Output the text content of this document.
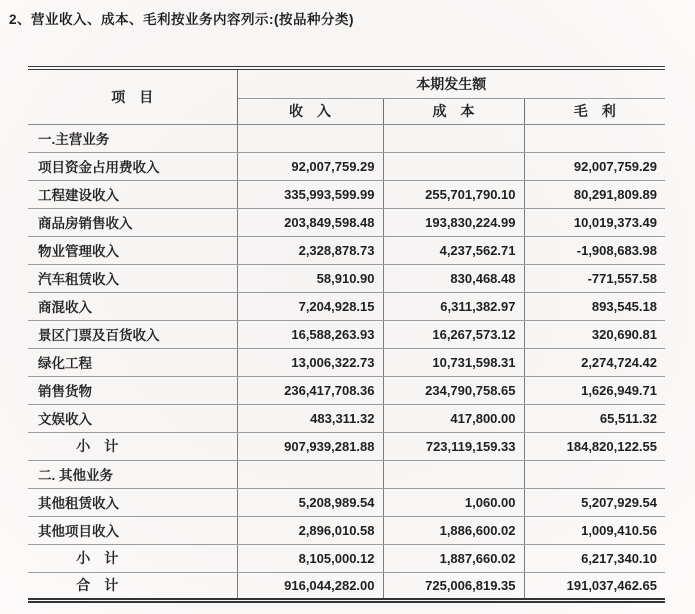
2、营业收入、成本、毛利按业务内容列示:(按品种分类)
项　目	本期发生额		
	收　入	成　本	毛　利
一.主营业务			
项目资金占用费收入	92,007,759.29		92,007,759.29
工程建设收入	335,993,599.99	255,701,790.10	80,291,809.89
商品房销售收入	203,849,598.48	193,830,224.99	10,019,373.49
物业管理收入	2,328,878.73	4,237,562.71	-1,908,683.98
汽车租赁收入	58,910.90	830,468.48	-771,557.58
商混收入	7,204,928.15	6,311,382.97	893,545.18
景区门票及百货收入	16,588,263.93	16,267,573.12	320,690.81
绿化工程	13,006,322.73	10,731,598.31	2,274,724.42
销售货物	236,417,708.36	234,790,758.65	1,626,949.71
文娱收入	483,311.32	417,800.00	65,511.32
小　计	907,939,281.88	723,119,159.33	184,820,122.55
二. 其他业务			
其他租赁收入	5,208,989.54	1,060.00	5,207,929.54
其他项目收入	2,896,010.58	1,886,600.02	1,009,410.56
小　计	8,105,000.12	1,887,660.02	6,217,340.10
合　计	916,044,282.00	725,006,819.35	191,037,462.65
